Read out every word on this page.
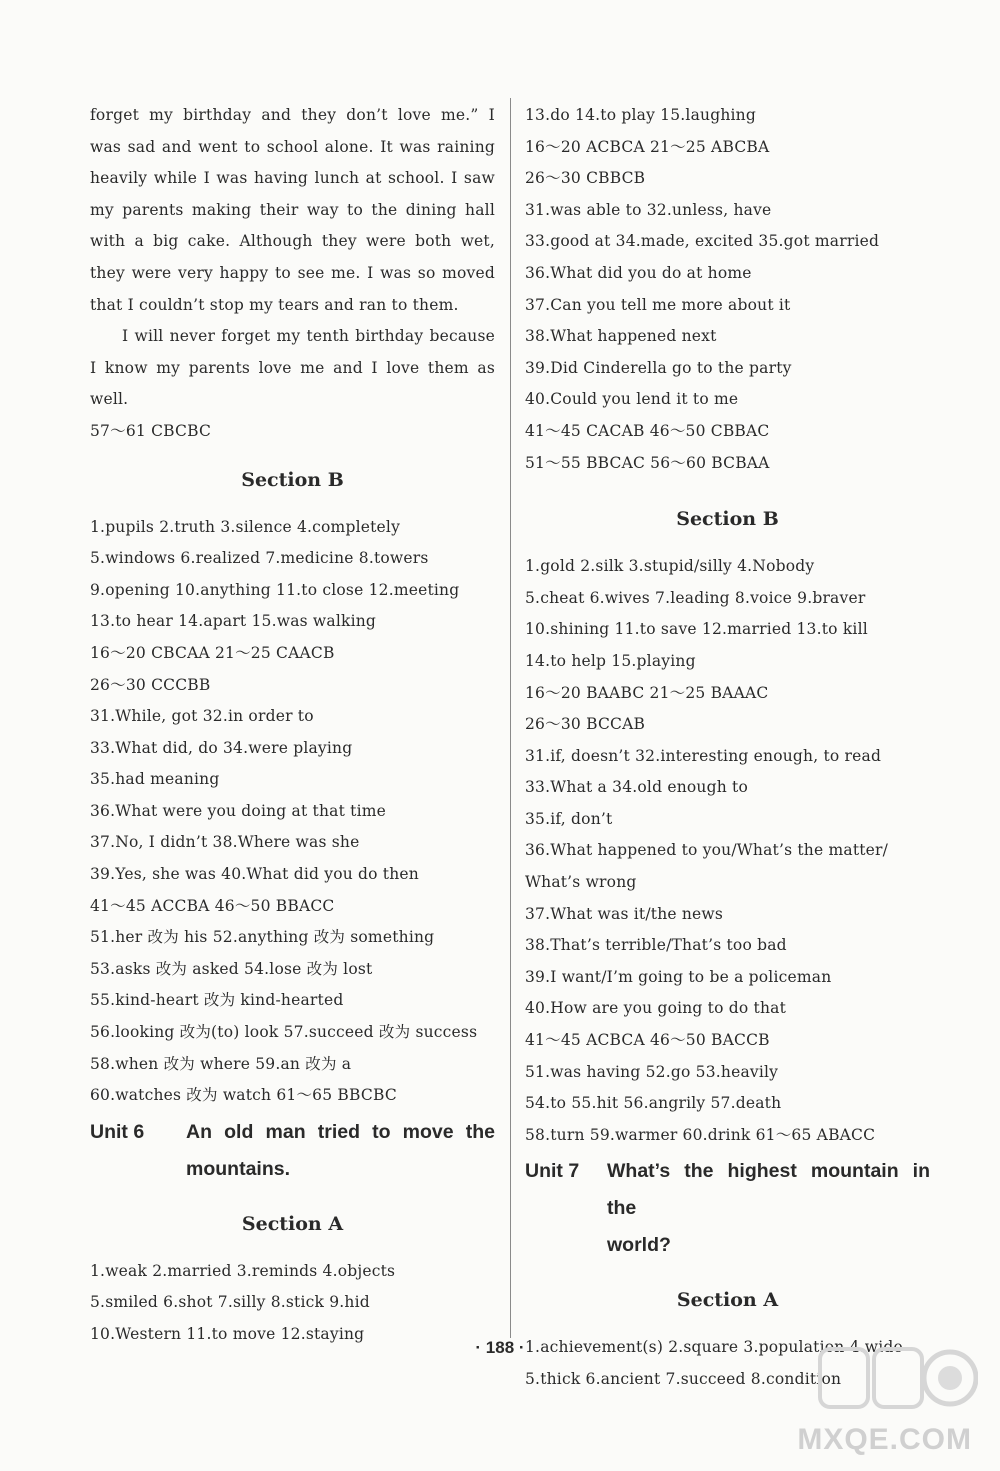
forget my birthday and they don’t love me.” I
was sad and went to school alone. It was raining
heavily while I was having lunch at school. I saw
my parents making their way to the dining hall
with a big cake. Although they were both wet,
they were very happy to see me. I was so moved
that I couldn’t stop my tears and ran to them.
I will never forget my tenth birthday because
I know my parents love me and I love them as
well.
57～61 CBCBC
Section B
1.pupils 2.truth 3.silence 4.completely
5.windows 6.realized 7.medicine 8.towers
9.opening 10.anything 11.to close 12.meeting
13.to hear 14.apart 15.was walking
16～20 CBCAA 21～25 CAACB
26～30 CCCBB
31.While, got 32.in order to
33.What did, do 34.were playing
35.had meaning
36.What were you doing at that time
37.No, I didn’t 38.Where was she
39.Yes, she was 40.What did you do then
41～45 ACCBA 46～50 BBACC
51.her 改为 his 52.anything 改为 something
53.asks 改为 asked 54.lose 改为 lost
55.kind-heart 改为 kind-hearted
56.looking 改为(to) look 57.succeed 改为 success
58.when 改为 where 59.an 改为 a
60.watches 改为 watch 61～65 BBCBC
Unit 6	An old man tried to move the
mountains.
Section A
1.weak 2.married 3.reminds 4.objects
5.smiled 6.shot 7.silly 8.stick 9.hid
10.Western 11.to move 12.staying
13.do 14.to play 15.laughing
16～20 ACBCA 21～25 ABCBA
26～30 CBBCB
31.was able to 32.unless, have
33.good at 34.made, excited 35.got married
36.What did you do at home
37.Can you tell me more about it
38.What happened next
39.Did Cinderella go to the party
40.Could you lend it to me
41～45 CACAB 46～50 CBBAC
51～55 BBCAC 56～60 BCBAA
Section B
1.gold 2.silk 3.stupid/silly 4.Nobody
5.cheat 6.wives 7.leading 8.voice 9.braver
10.shining 11.to save 12.married 13.to kill
14.to help 15.playing
16～20 BAABC 21～25 BAAAC
26～30 BCCAB
31.if, doesn’t 32.interesting enough, to read
33.What a 34.old enough to
35.if, don’t
36.What happened to you/What’s the matter/
What’s wrong
37.What was it/the news
38.That’s terrible/That’s too bad
39.I want/I’m going to be a policeman
40.How are you going to do that
41～45 ACBCA 46～50 BACCB
51.was having 52.go 53.heavily
54.to 55.hit 56.angrily 57.death
58.turn 59.warmer 60.drink 61～65 ABACC
Unit 7	What’s the highest mountain in the
world?
Section A
1.achievement(s) 2.square 3.population 4.wide
5.thick 6.ancient 7.succeed 8.condition
· 188 ·
MXQE.COM
